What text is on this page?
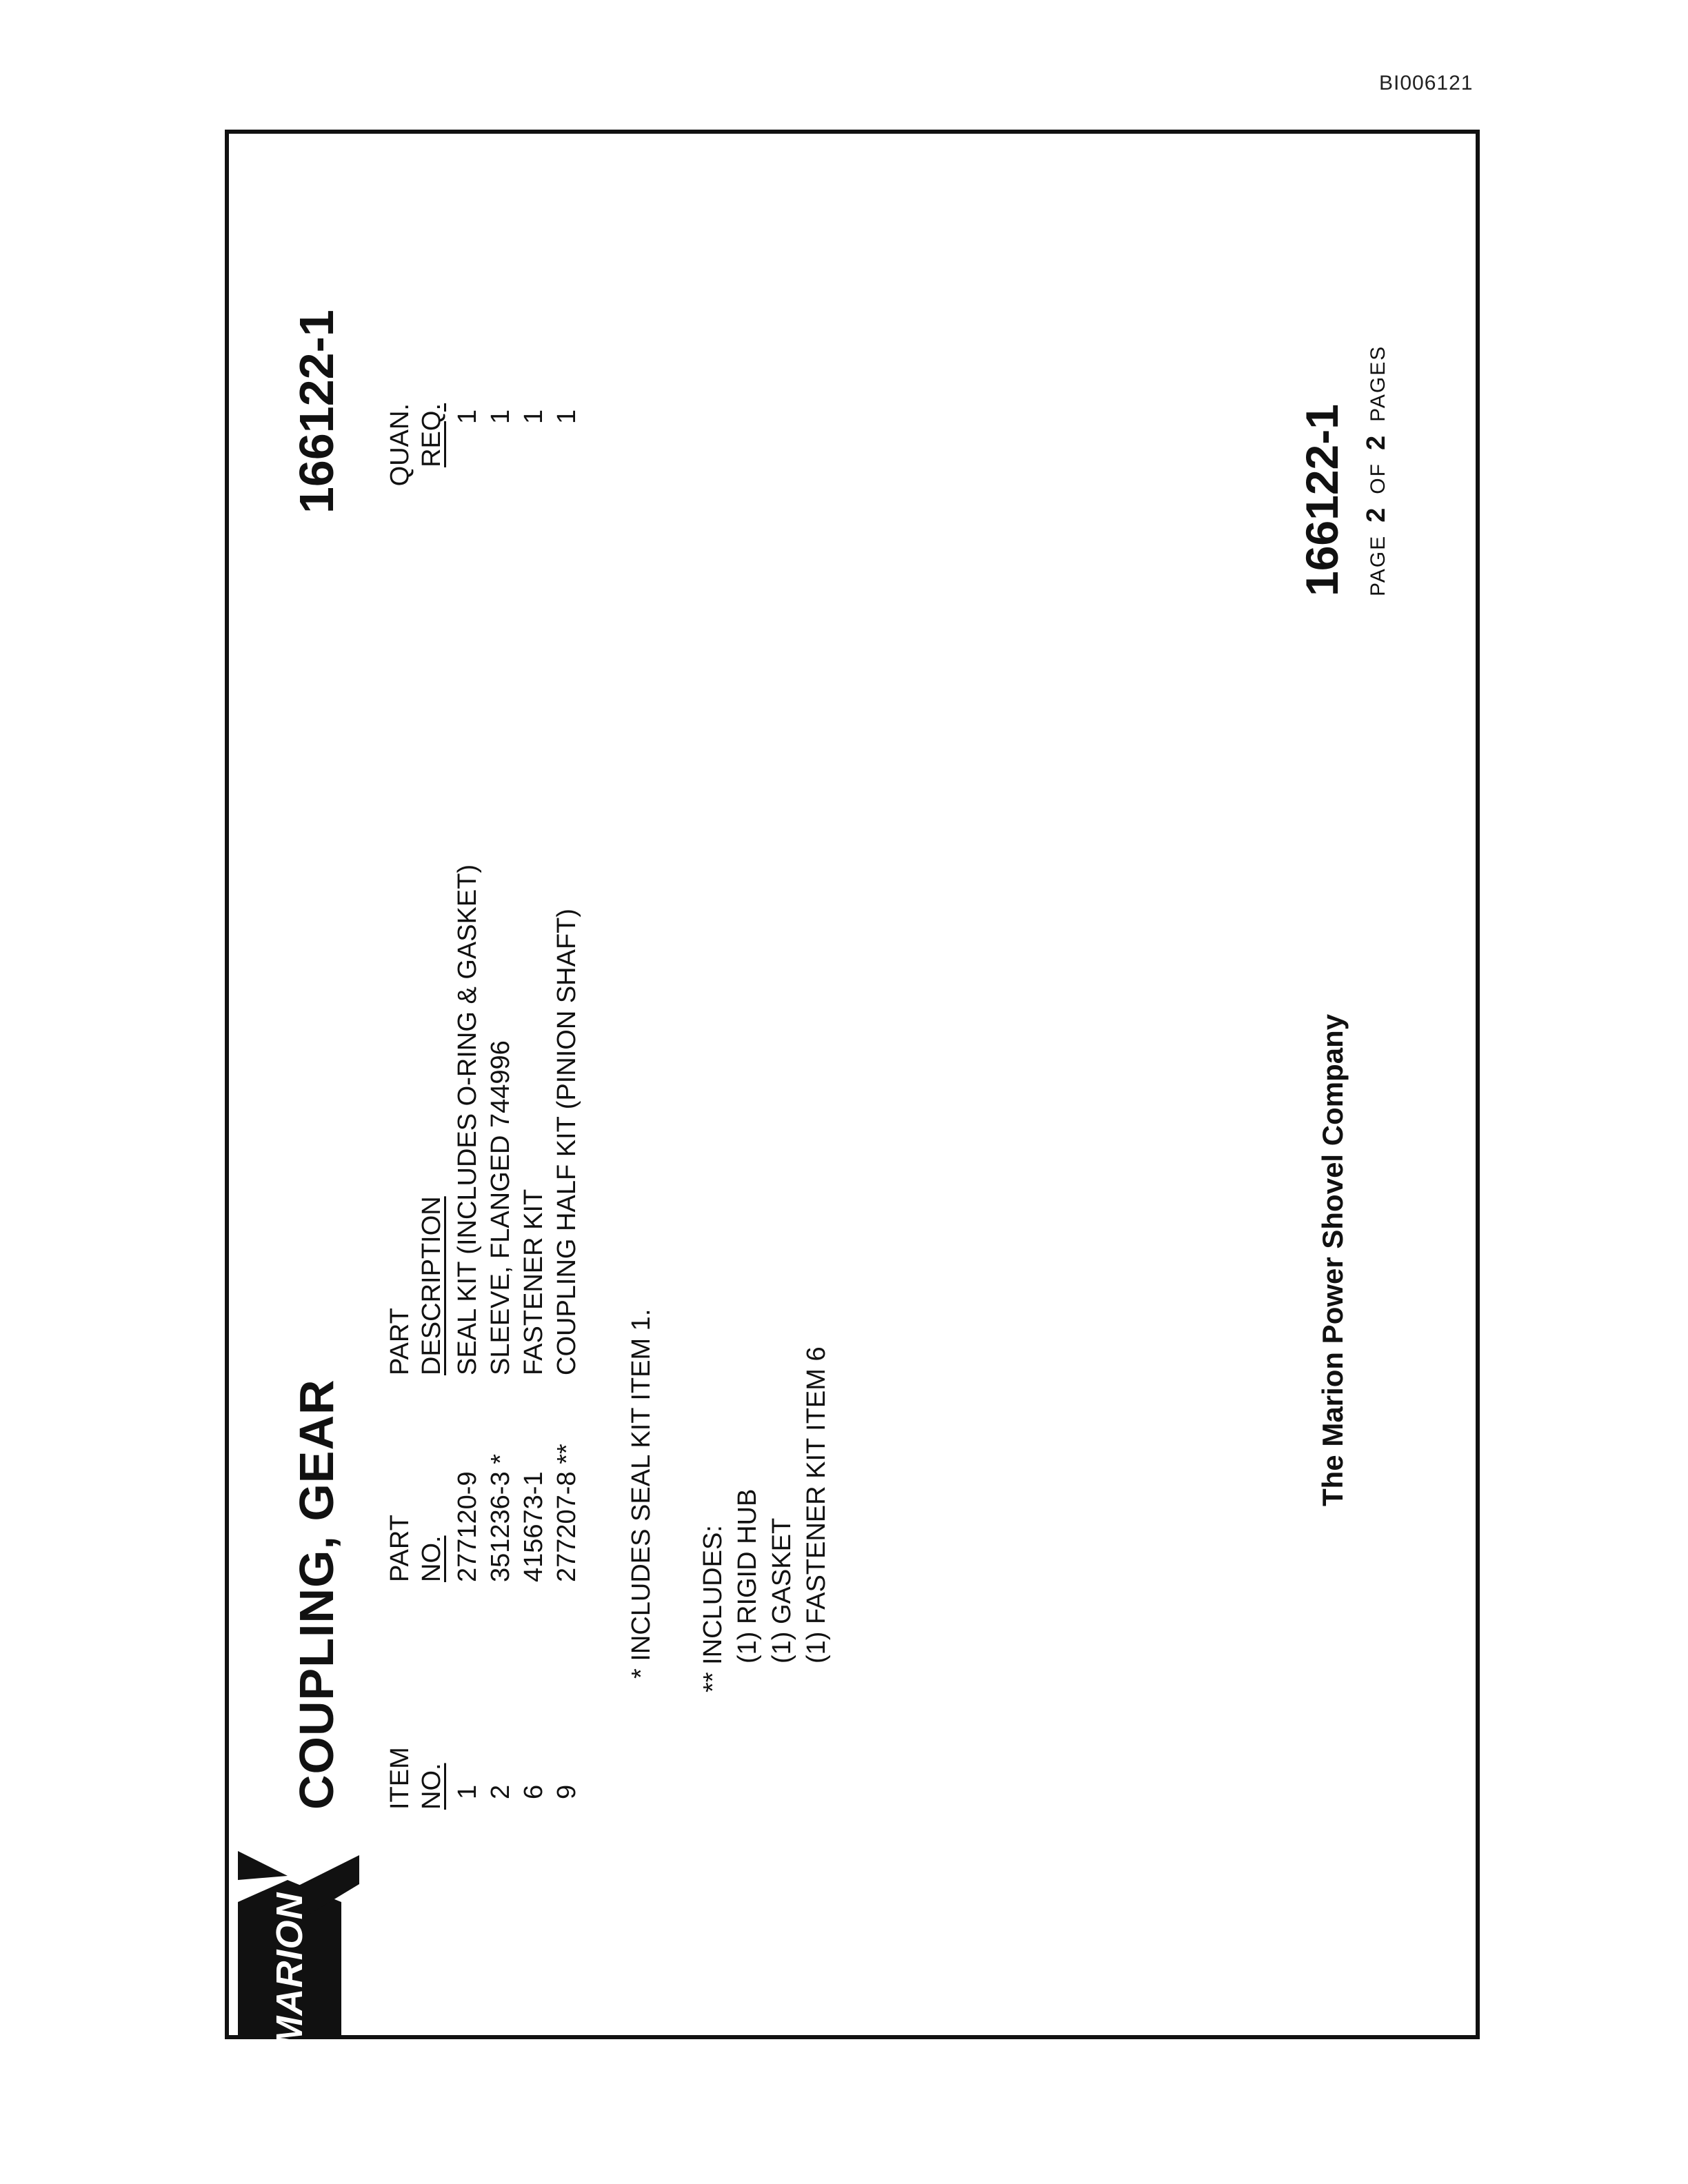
BI006121
MARION
COUPLING, GEAR
166122-1
ITEM NO.
PART NO.
PART DESCRIPTION
QUAN. REQ.
1
277120-9
SEAL KIT (INCLUDES O-RING & GASKET)
1
2
351236-3 *
SLEEVE, FLANGED 744996
1
6
415673-1
FASTENER KIT
1
9
277207-8 **
COUPLING HALF KIT (PINION SHAFT)
1
* INCLUDES SEAL KIT ITEM 1. ** INCLUDES: (1) RIGID HUB (1) GASKET (1) FASTENER KIT ITEM 6	The Marion Power Shovel Company
166122-1 PAGE2OF2PAGES
